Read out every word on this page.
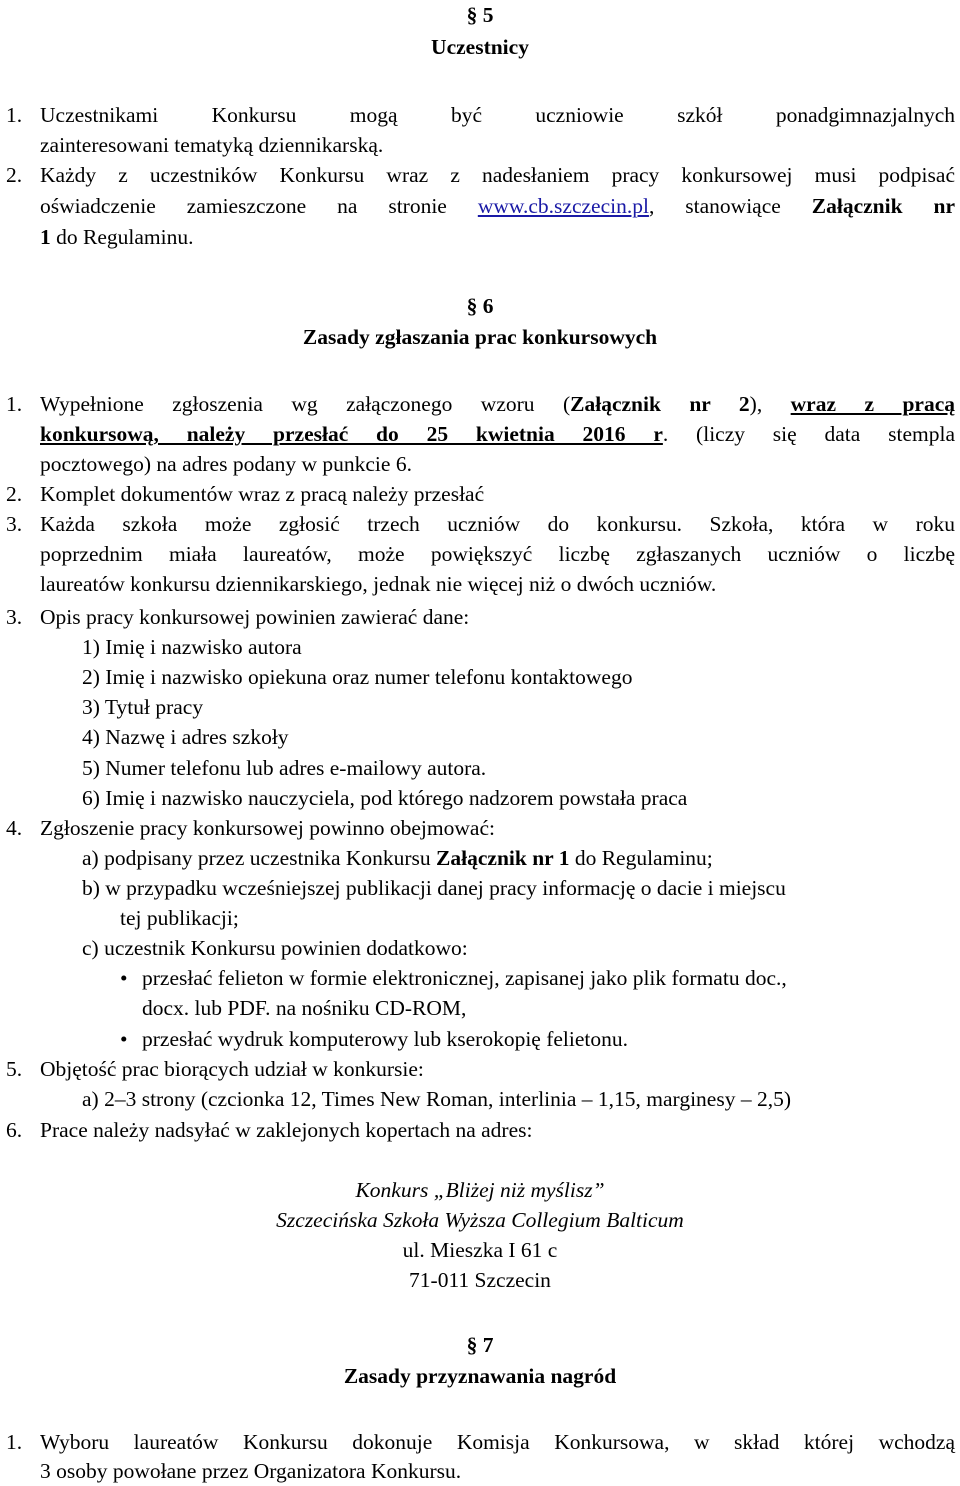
§ 5
Uczestnicy
1. Uczestnikami Konkursu mogą być uczniowie szkół ponadgimnazjalnych
zainteresowani tematyką dziennikarską.
2. Każdy z uczestników Konkursu wraz z nadesłaniem pracy konkursowej musi podpisać
oświadczenie zamieszczone na stronie www.cb.szczecin.pl, stanowiące Załącznik nr
1 do Regulaminu.
§ 6
Zasady zgłaszania prac konkursowych
1. Wypełnione zgłoszenia wg załączonego wzoru (Załącznik nr 2), wraz z pracą
konkursową, należy przesłać do 25 kwietnia 2016 r. (liczy się data stempla
pocztowego) na adres podany w punkcie 6.
2. Komplet dokumentów wraz z pracą należy przesłać
3. Każda szkoła może zgłosić trzech uczniów do konkursu. Szkoła, która w roku
poprzednim miała laureatów, może powiększyć liczbę zgłaszanych uczniów o liczbę
laureatów konkursu dziennikarskiego, jednak nie więcej niż o dwóch uczniów.
3. Opis pracy konkursowej powinien zawierać dane:
1) Imię i nazwisko autora
2) Imię i nazwisko opiekuna oraz numer telefonu kontaktowego
3) Tytuł pracy
4) Nazwę i adres szkoły
5) Numer telefonu lub adres e-mailowy autora.
6) Imię i nazwisko nauczyciela, pod którego nadzorem powstała praca
4. Zgłoszenie pracy konkursowej powinno obejmować:
a) podpisany przez uczestnika Konkursu Załącznik nr 1 do Regulaminu;
b) w przypadku wcześniejszej publikacji danej pracy informację o dacie i miejscu
tej publikacji;
c) uczestnik Konkursu powinien dodatkowo:
• przesłać felieton w formie elektronicznej, zapisanej jako plik formatu doc.,
docx. lub PDF. na nośniku CD-ROM,
• przesłać wydruk komputerowy lub kserokopię felietonu.
5. Objętość prac biorących udział w konkursie:
a) 2–3 strony (czcionka 12, Times New Roman, interlinia – 1,15, marginesy – 2,5)
6. Prace należy nadsyłać w zaklejonych kopertach na adres:
Konkurs „Bliżej niż myślisz”
Szczecińska Szkoła Wyższa Collegium Balticum
ul. Mieszka I 61 c
71-011 Szczecin
§ 7
Zasady przyznawania nagród
1. Wyboru laureatów Konkursu dokonuje Komisja Konkursowa, w skład której wchodzą
3 osoby powołane przez Organizatora Konkursu.
